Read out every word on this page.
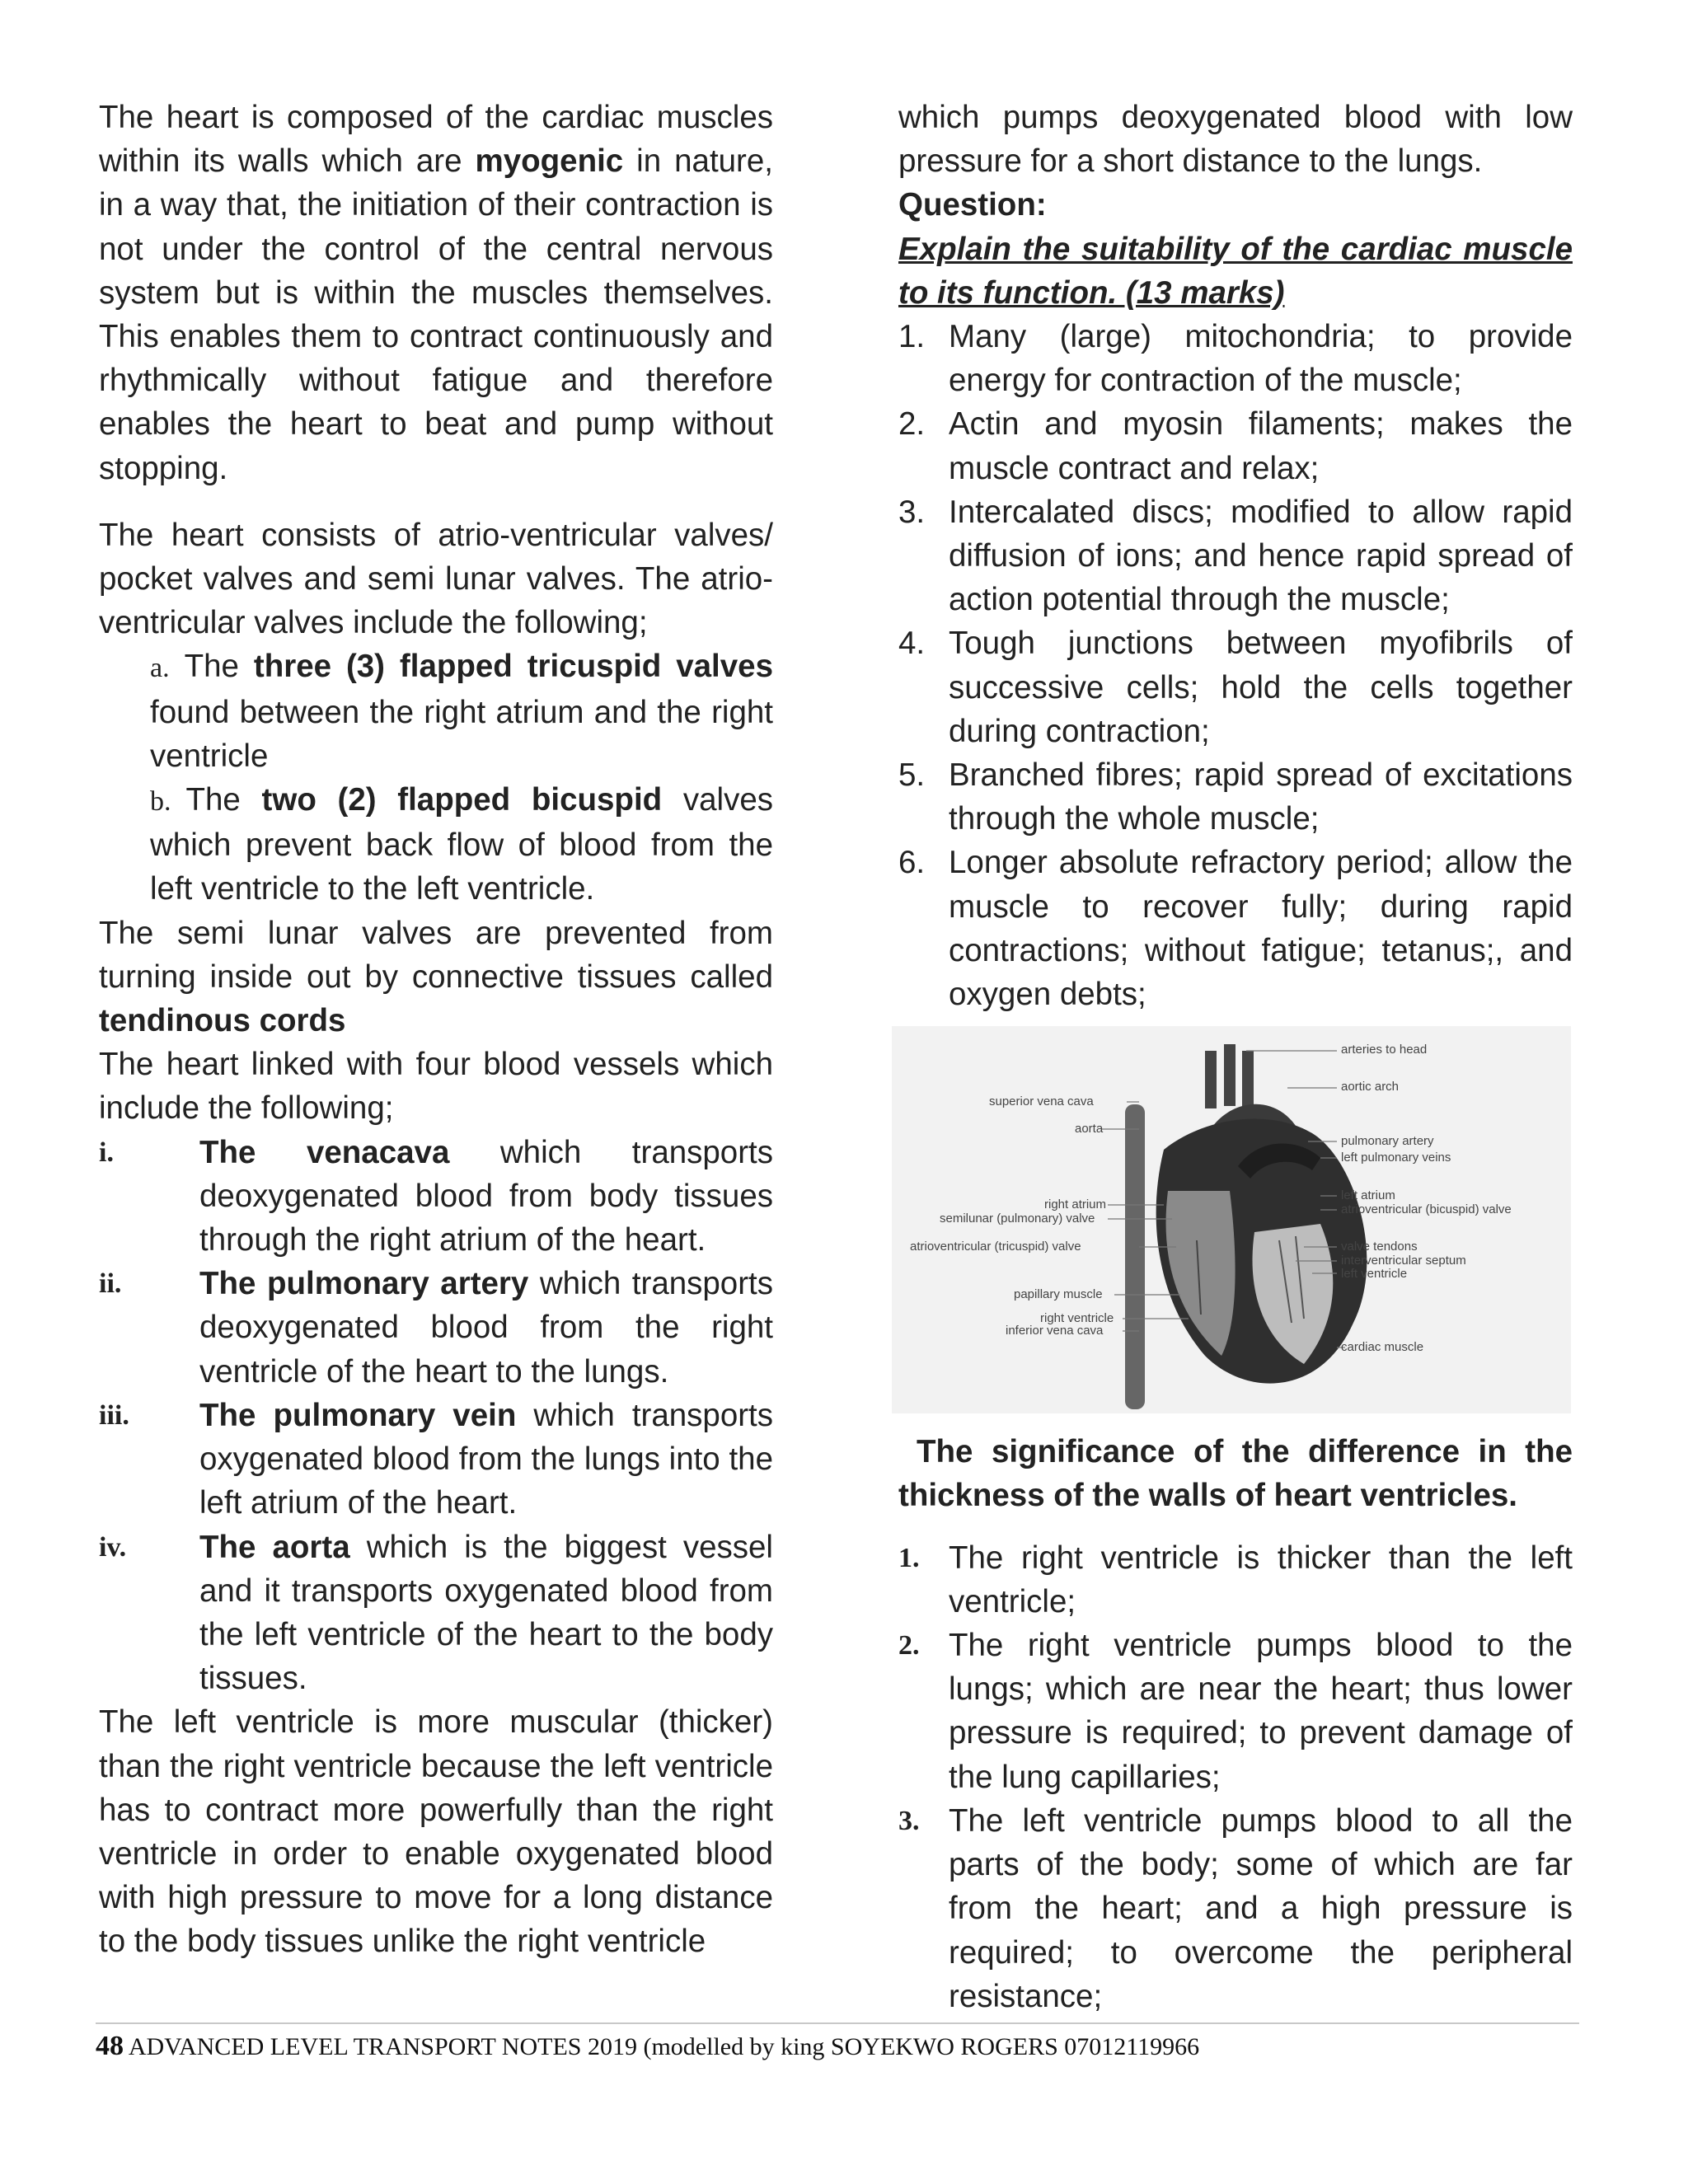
The heart is composed of the cardiac muscles within its walls which are myogenic in nature, in a way that, the initiation of their contraction is not under the control of the central nervous system but is within the muscles themselves. This enables them to contract continuously and rhythmically without fatigue and therefore enables the heart to beat and pump without stopping.

The heart consists of atrio-ventricular valves/ pocket valves and semi lunar valves. The atrio-ventricular valves include the following;

a. The three (3) flapped tricuspid valves found between the right atrium and the right ventricle

b. The two (2) flapped bicuspid valves which prevent back flow of blood from the left ventricle to the left ventricle.

The semi lunar valves are prevented from turning inside out by connective tissues called tendinous cords

The heart linked with four blood vessels which include the following;

i.	The venacava which transports deoxygenated blood from body tissues through the right atrium of the heart.
ii.	The pulmonary artery which transports deoxygenated blood from the right ventricle of the heart to the lungs.
iii.	The pulmonary vein which transports oxygenated blood from the lungs into the left atrium of the heart.
iv.	The aorta which is the biggest vessel and it transports oxygenated blood from the left ventricle of the heart to the body tissues.

The left ventricle is more muscular (thicker) than the right ventricle because the left ventricle has to contract more powerfully than the right ventricle in order to enable oxygenated blood with high pressure to move for a long distance to the body tissues unlike the right ventricle

which pumps deoxygenated blood with low pressure for a short distance to the lungs.

Question:

Explain the suitability of the cardiac muscle to its function. (13 marks)

1. Many (large) mitochondria; to provide energy for contraction of the muscle;
2. Actin and myosin filaments; makes the muscle contract and relax;
3. Intercalated discs; modified to allow rapid diffusion of ions; and hence rapid spread of action potential through the muscle;
4. Tough junctions between myofibrils of successive cells; hold the cells together during contraction;
5. Branched fibres; rapid spread of excitations through the whole muscle;
6. Longer absolute refractory period; allow the muscle to recover fully; during rapid contractions; without fatigue; tetanus;, and oxygen debts;
arteries to head
aortic arch
superior vena cava
aorta
pulmonary artery
left pulmonary veins
right atrium
semilunar (pulmonary) valve
left atrium
atrioventricular (bicuspid) valve
atrioventricular (tricuspid) valve	valve tendons
interventricular septum
papillary muscle
left ventricle
right ventricle
inferior vena cava
cardiac muscle

The significance of the difference in the thickness of the walls of heart ventricles.

1. The right ventricle is thicker than the left ventricle;
2. The right ventricle pumps blood to the lungs; which are near the heart; thus lower pressure is required; to prevent damage of the lung capillaries;
3. The left ventricle pumps blood to all the parts of the body; some of which are far from the heart; and a high pressure is required; to overcome the peripheral resistance;
48 ADVANCED LEVEL TRANSPORT NOTES 2019 (modelled by king SOYEKWO ROGERS 07012119966
